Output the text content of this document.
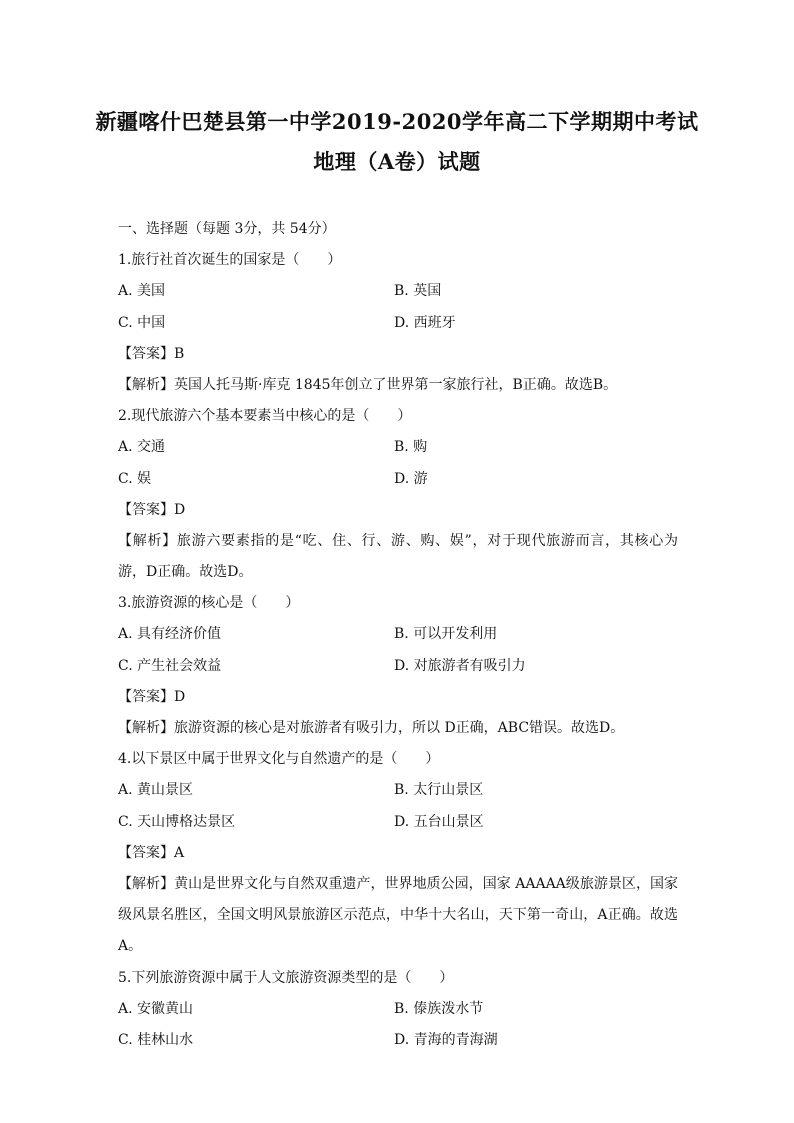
新疆喀什巴楚县第一中学2019-2020学年高二下学期期中考试
地理（A卷）试题
一、选择题（每题 3分，共 54分）
1.旅行社首次诞生的国家是（　　）
A. 美国	B. 英国
C. 中国	D. 西班牙
【答案】B
【解析】英国人托马斯·库克 1845年创立了世界第一家旅行社，B正确。故选B。
2.现代旅游六个基本要素当中核心的是（　　）
A. 交通	B. 购
C. 娱	D. 游
【答案】D
【解析】旅游六要素指的是“吃、住、行、游、购、娱”，对于现代旅游而言，其核心为游，D正确。故选D。
3.旅游资源的核心是（　　）
A. 具有经济价值	B. 可以开发利用
C. 产生社会效益	D. 对旅游者有吸引力
【答案】D
【解析】旅游资源的核心是对旅游者有吸引力，所以 D正确，ABC错误。故选D。
4.以下景区中属于世界文化与自然遗产的是（　　）
A. 黄山景区	B. 太行山景区
C. 天山博格达景区	D. 五台山景区
【答案】A
【解析】黄山是世界文化与自然双重遗产，世界地质公园，国家 AAAAA级旅游景区，国家级风景名胜区，全国文明风景旅游区示范点，中华十大名山，天下第一奇山，A正确。故选A。
5.下列旅游资源中属于人文旅游资源类型的是（　　）
A. 安徽黄山	B. 傣族泼水节
C. 桂林山水	D. 青海的青海湖
